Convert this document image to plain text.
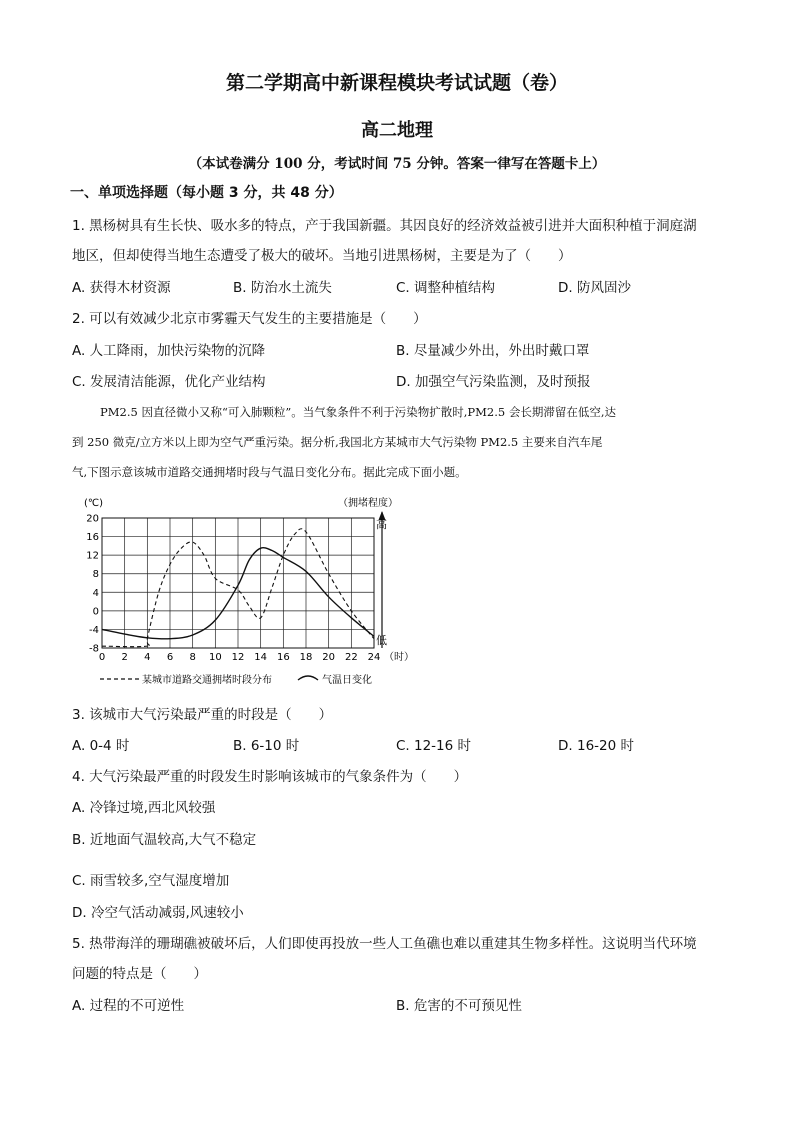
第二学期高中新课程模块考试试题（卷）
高二地理
（本试卷满分 100 分，考试时间 75 分钟。答案一律写在答题卡上）
一、单项选择题（每小题 3 分，共 48 分）
1. 黑杨树具有生长快、吸水多的特点，产于我国新疆。其因良好的经济效益被引进并大面积种植于洞庭湖
地区，但却使得当地生态遭受了极大的破坏。当地引进黑杨树，主要是为了（　　）
A. 获得木材资源	B. 防治水土流失	C. 调整种植结构	D. 防风固沙
2. 可以有效减少北京市雾霾天气发生的主要措施是（　　）
A. 人工降雨，加快污染物的沉降	B. 尽量减少外出，外出时戴口罩
C. 发展清洁能源，优化产业结构	D. 加强空气污染监测，及时预报
PM2.5 因直径微小又称“可入肺颗粒”。当气象条件不利于污染物扩散时,PM2.5 会长期滞留在低空,达
到 250 微克/立方米以上即为空气严重污染。据分析,我国北方某城市大气污染物 PM2.5 主要来自汽车尾
气,下图示意该城市道路交通拥堵时段与气温日变化分布。据此完成下面小题。
0 2 4 6 8 10 12 14 16 18 20 22 24
-8
-4
0
4
8
12
16
20
(℃)	（拥堵程度）
高
低
（时）
某城市道路交通拥堵时段分布	气温日变化
3. 该城市大气污染最严重的时段是（　　）
A. 0-4 时	B. 6-10 时	C. 12-16 时	D. 16-20 时
4. 大气污染最严重的时段发生时影响该城市的气象条件为（　　）
A. 冷锋过境,西北风较强
B. 近地面气温较高,大气不稳定
C. 雨雪较多,空气湿度增加
D. 冷空气活动减弱,风速较小
5. 热带海洋的珊瑚礁被破坏后，人们即使再投放一些人工鱼礁也难以重建其生物多样性。这说明当代环境
问题的特点是（　　）
A. 过程的不可逆性	B. 危害的不可预见性
